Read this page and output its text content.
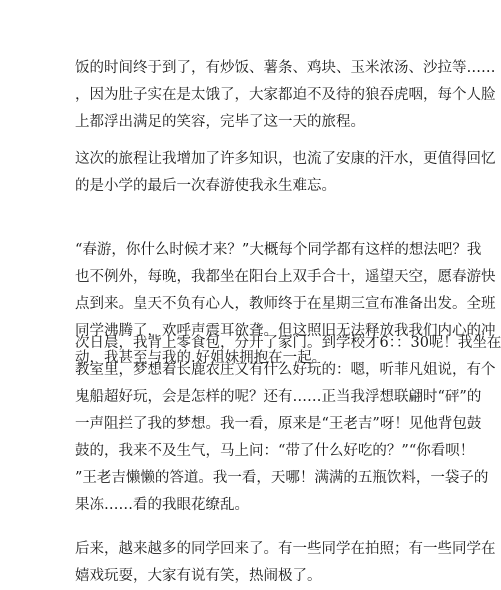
饭的时间终于到了，有炒饭、薯条、鸡块、玉米浓汤、沙拉等……
，因为肚子实在是太饿了，大家都迫不及待的狼吞虎咽，每个人脸
上都浮出满足的笑容，完毕了这一天的旅程。

这次的旅程让我增加了许多知识，也流了安康的汗水，更值得回忆
的是小学的最后一次春游使我永生难忘。

“春游，你什么时候才来？”大概每个同学都有这样的想法吧？我
也不例外，每晚，我都坐在阳台上双手合十，遥望天空，愿春游快
点到来。皇天不负有心人，教师终于在星期三宣布准备出发。全班
同学沸腾了，欢呼声震耳欲聋。但这照旧无法释放我我们内心的冲
动，我甚至与我的.好姐妹拥抱在一起。

次日晨，我背上零食包，分开了家门。到学校才6：：30呢！我坐在
教室里，梦想着长鹿农庄又有什么好玩的：嗯，听菲凡姐说，有个
鬼船超好玩，会是怎样的呢？还有……正当我浮想联翩时“砰”的
一声阻拦了我的梦想。我一看，原来是“王老吉”呀！见他背包鼓
鼓的，我来不及生气，马上问：“带了什么好吃的？”“你看呗！
”王老吉懒懒的答道。我一看，天哪！满满的五瓶饮料，一袋子的
果冻……看的我眼花缭乱。

后来，越来越多的同学回来了。有一些同学在拍照；有一些同学在
嬉戏玩耍，大家有说有笑，热闹极了。
